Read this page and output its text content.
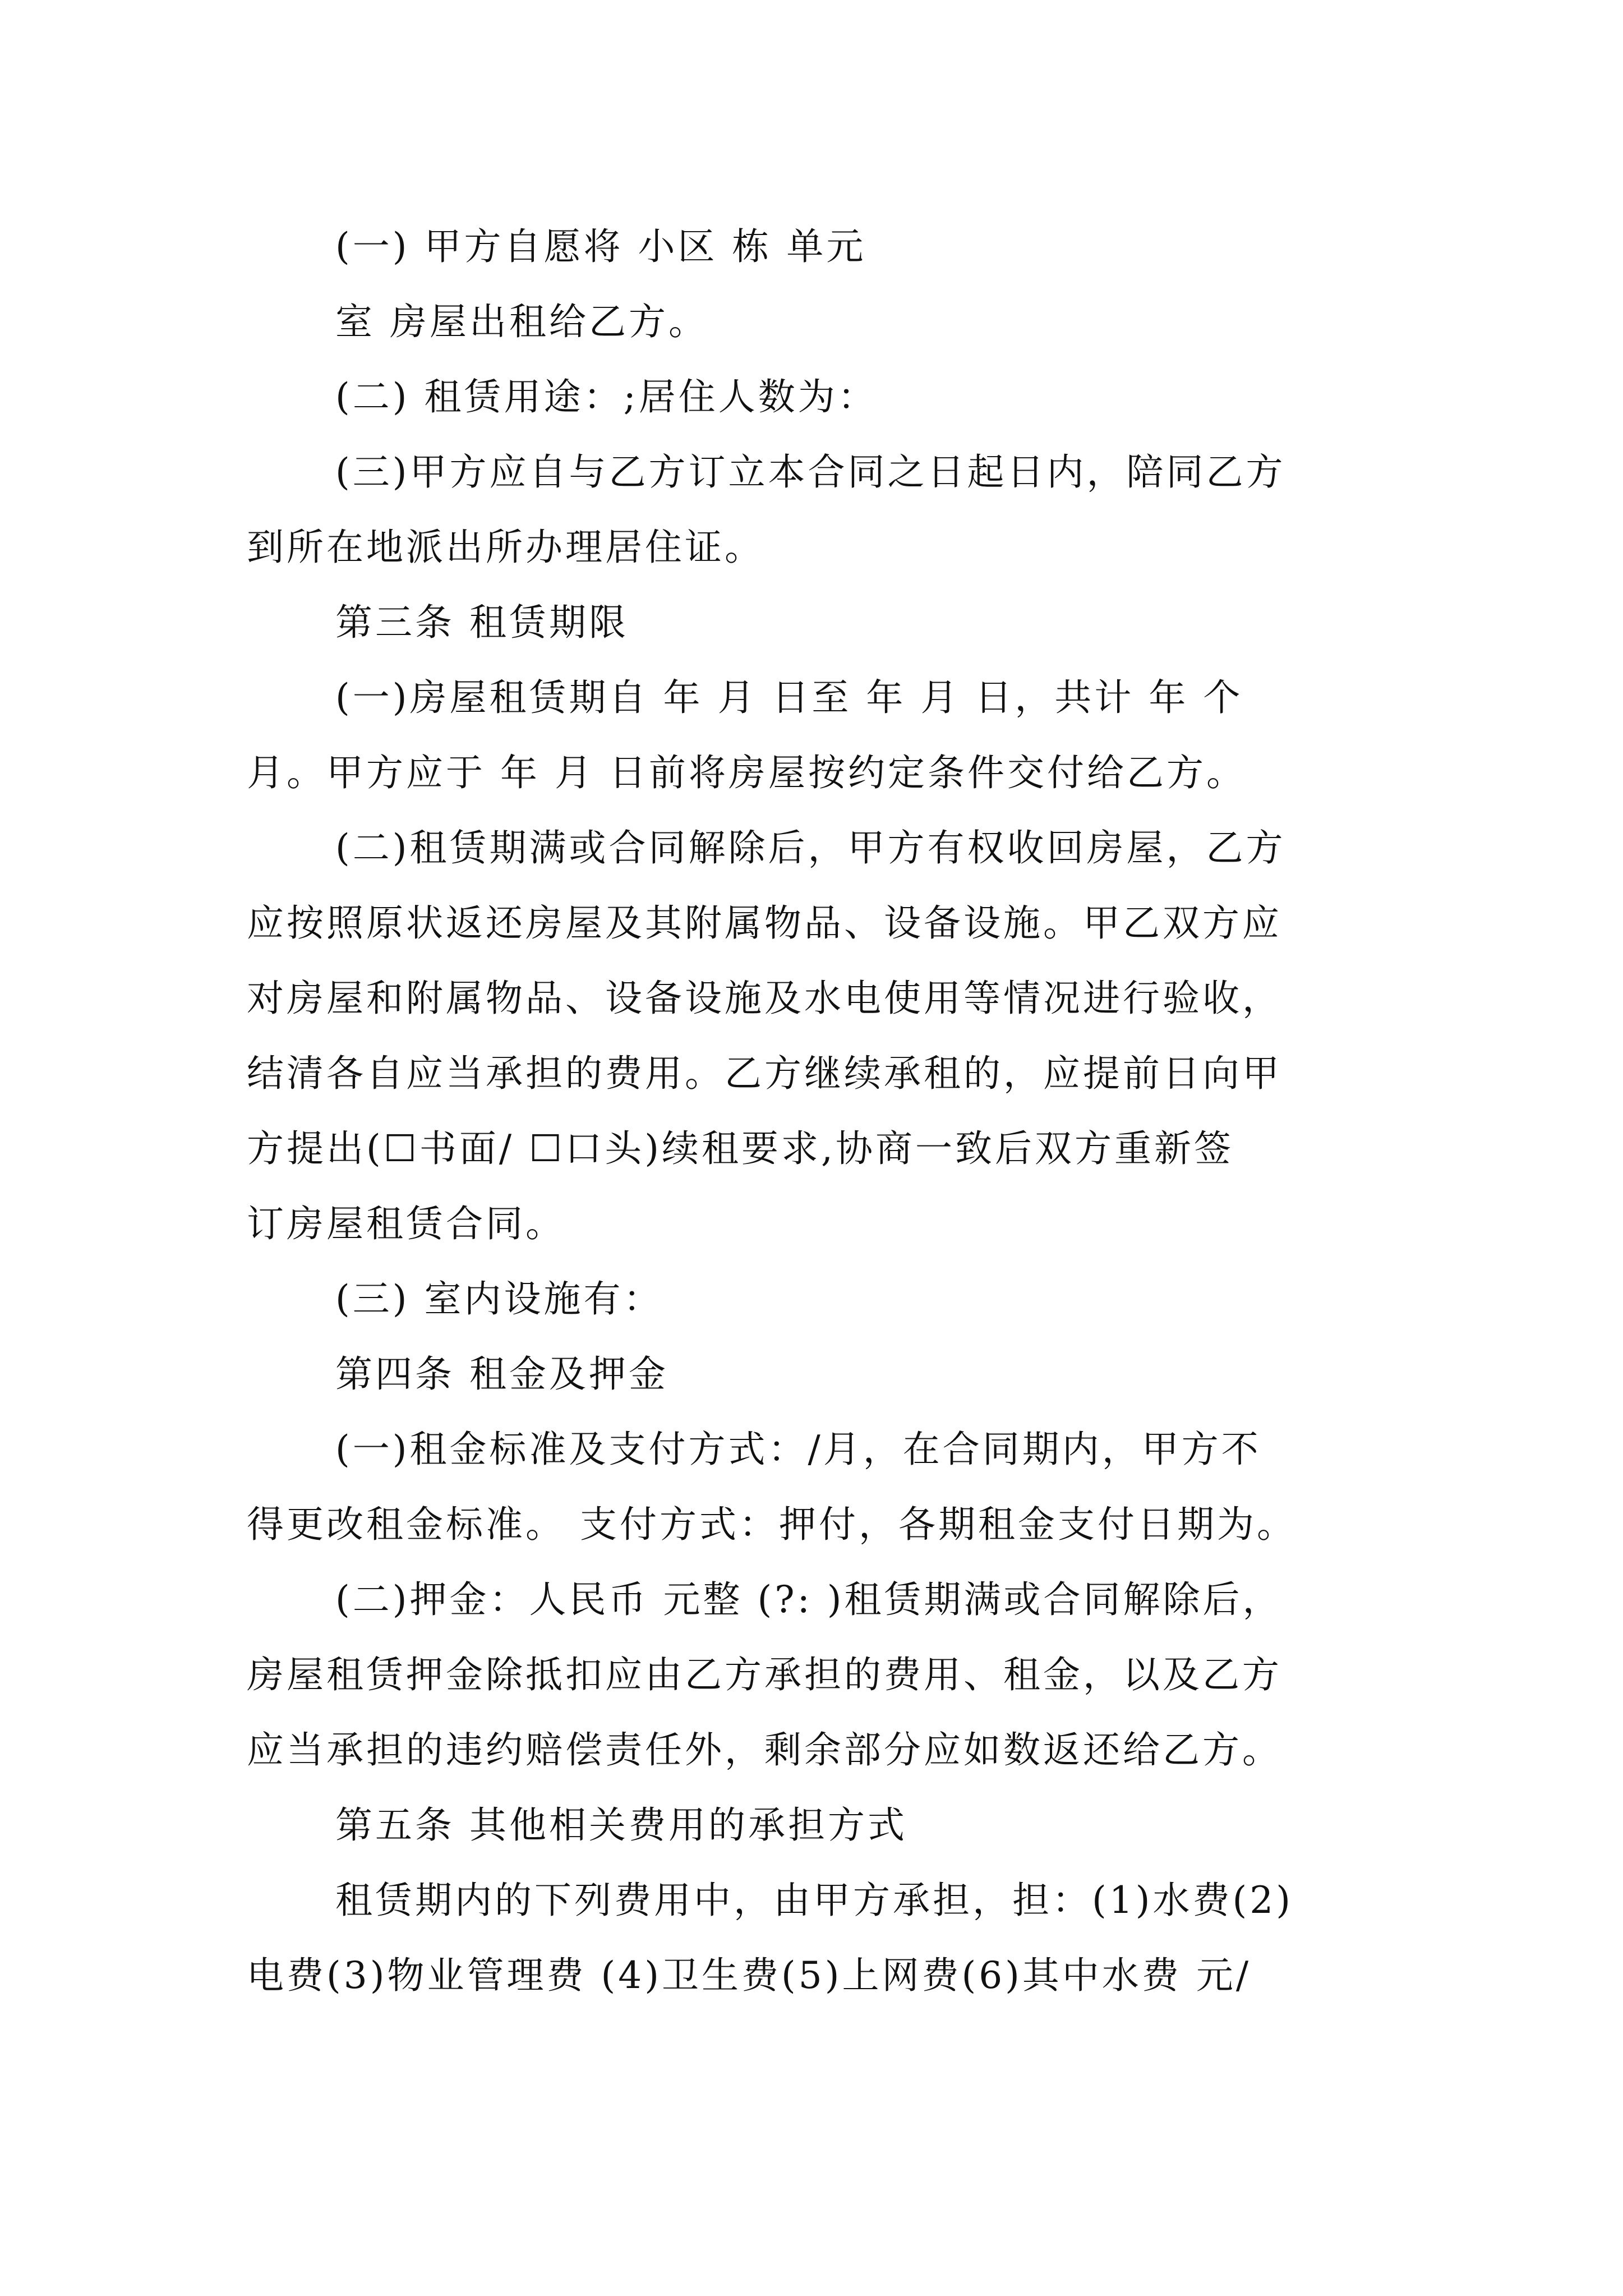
(一) 甲方自愿将 小区 栋 单元
室 房屋出租给乙方。
(二) 租赁用途：;居住人数为：
(三)甲方应自与乙方订立本合同之日起日内，陪同乙方
到所在地派出所办理居住证。
第三条 租赁期限
(一)房屋租赁期自 年 月 日至 年 月 日，共计 年 个
月。甲方应于 年 月 日前将房屋按约定条件交付给乙方。
(二)租赁期满或合同解除后，甲方有权收回房屋，乙方
应按照原状返还房屋及其附属物品、设备设施。甲乙双方应
对房屋和附属物品、设备设施及水电使用等情况进行验收，
结清各自应当承担的费用。乙方继续承租的，应提前日向甲
方提出(☐书面/ ☐口头)续租要求,协商一致后双方重新签
订房屋租赁合同。
(三) 室内设施有：
第四条 租金及押金
(一)租金标准及支付方式：/月，在合同期内，甲方不
得更改租金标准。 支付方式：押付，各期租金支付日期为。
(二)押金：人民币 元整 (?: )租赁期满或合同解除后，
房屋租赁押金除抵扣应由乙方承担的费用、租金，以及乙方
应当承担的违约赔偿责任外，剩余部分应如数返还给乙方。
第五条 其他相关费用的承担方式
租赁期内的下列费用中，由甲方承担，担：(1)水费(2)
电费(3)物业管理费 (4)卫生费(5)上网费(6)其中水费 元/
